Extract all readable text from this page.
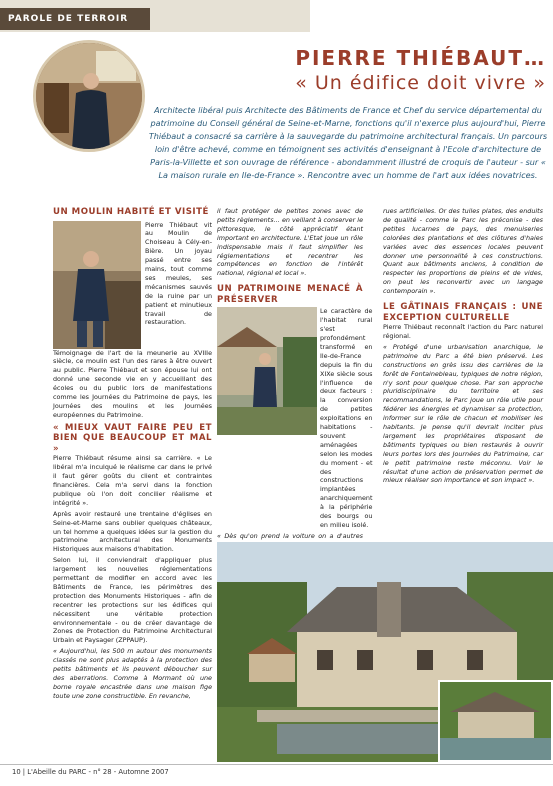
PAROLE DE TERROIR
PIERRE THIÉBAUT…
« Un édifice doit vivre »
Architecte libéral puis Architecte des Bâtiments de France et Chef du service départemental du patrimoine du Conseil général de Seine-et-Marne, fonctions qu'il n'exerce plus aujourd'hui, Pierre Thiébaut a consacré sa carrière à la sauvegarde du patrimoine architectural français. Un parcours loin d'être achevé, comme en témoignent ses activités d'enseignant à l'Ecole d'architecture de Paris-la-Villette et son ouvrage de référence - abondamment illustré de croquis de l'auteur - sur « La maison rurale en Ile-de-France ». Rencontre avec un homme de l'art aux idées novatrices.
UN MOULIN HABITÉ ET VISITÉ

Pierre Thiébaut vit au Moulin de Choiseau à Cély-en-Bière. Un joyau passé entre ses mains, tout comme ses meules, ses mécanismes sauvés de la ruine par un patient et minutieux travail de restauration.

Témoignage de l'art de la meunerie au XVIIIe siècle, ce moulin est l'un des rares à être ouvert au public. Pierre Thiébaut et son épouse lui ont donné une seconde vie en y accueillant des écoles ou du public lors de manifestations comme les Journées du Patrimoine de pays, les Journées des moulins et les Journées européennes du Patrimoine.

« MIEUX VAUT FAIRE PEU ET BIEN QUE BEAUCOUP ET MAL »

Pierre Thiébaut résume ainsi sa carrière. « Le libéral m'a inculqué le réalisme car dans le privé il faut gérer goûts du client et contraintes financières. Cela m'a servi dans la fonction publique où l'on doit concilier réalisme et intégrité ».

Après avoir restauré une trentaine d'églises en Seine-et-Marne sans oublier quelques châteaux, un tel homme a quelques idées sur la gestion du patrimoine architectural des Monuments Historiques aux maisons d'habitation.

Selon lui, il conviendrait d'appliquer plus largement les nouvelles réglementations permettant de modifier en accord avec les Bâtiments de France, les périmètres des protection des Monuments Historiques - afin de recentrer les protections sur les édifices qui nécessitent une véritable protection environnementale - ou de créer davantage de Zones de Protection du Patrimoine Architectural Urbain et Paysager (ZPPAUP).

« Aujourd'hui, les 500 m autour des monuments classés ne sont plus adaptés à la protection des petits bâtiments et ils peuvent déboucher sur des aberrations. Comme à Mormant où une borne royale encastrée dans une maison fige toute une zone constructible. En revanche,

il faut protéger de petites zones avec de petits règlements… en veillant à conserver le pittoresque, le côté appréciatif étant important en architecture. L'Etat joue un rôle indispensable mais il faut simplifier les réglementations et recentrer les compétences en fonction de l'intérêt national, régional et local ».

UN PATRIMOINE MENACÉ À PRÉSERVER

Le caractère de l'habitat rural s'est profondément transformé en Ile-de-France depuis la fin du XIXe siècle sous l'influence de deux facteurs : la conversion de petites exploitations en habitations - souvent aménagées selon les modes du moment - et des constructions implantées anarchiquement à la périphérie des bourgs ou en milieu isolé.

« Dès qu'on prend la voiture on a d'autres

rues artificielles. Or des tuiles plates, des enduits de qualité - comme le Parc les préconise - des petites lucarnes de pays, des menuiseries colorées des plantations et des clôtures d'haies variées avec des essences locales peuvent donner une personnalité à ces constructions. Quant aux bâtiments anciens, à condition de respecter les proportions de pleins et de vides, on peut les reconvertir avec un langage contemporain ».

LE GÂTINAIS FRANÇAIS : UNE EXCEPTION CULTURELLE

Pierre Thiébaut reconnaît l'action du Parc naturel régional.

« Protégé d'une urbanisation anarchique, le patrimoine du Parc a été bien préservé. Les constructions en grès issu des carrières de la forêt de Fontainebleau, typiques de notre région, n'y sont pour quelque chose. Par son approche pluridisciplinaire du territoire et ses recommandations, le Parc joue un rôle utile pour fédérer les énergies et dynamiser sa protection, informer sur le rôle de chacun et mobiliser les habitants. Je pense qu'il devrait inciter plus largement les propriétaires disposant de bâtiments typiques ou bien restaurés à ouvrir leurs portes lors des Journées du Patrimoine, car le petit patrimoine reste méconnu. Voir le résultat d'une action de préservation permet de mieux réaliser son importance et son impact ».

10 | L'Abeille du PARC - n° 28 - Automne 2007
